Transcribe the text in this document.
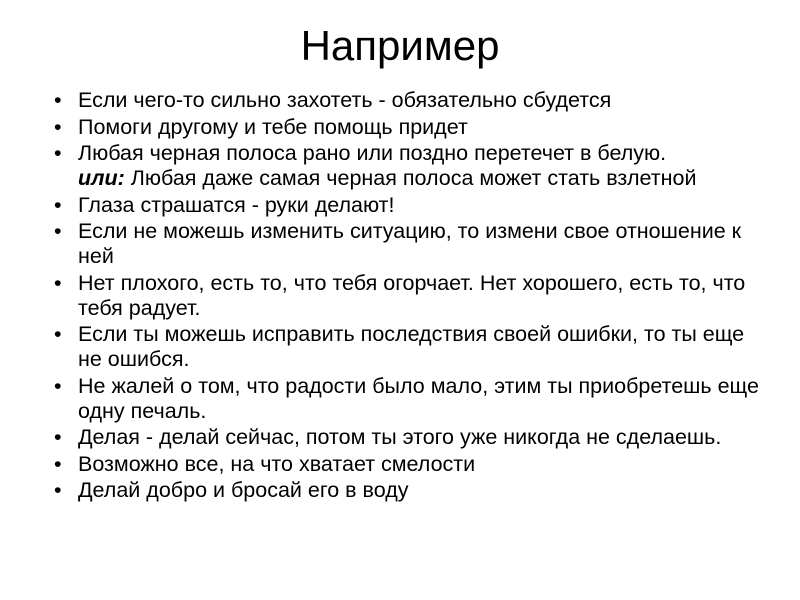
Например
• Если чего-то сильно захотеть - обязательно сбудется
• Помоги другому и тебе помощь придет
• Любая черная полоса рано или поздно перетечет в белую.
или: Любая даже самая черная полоса может стать взлетной
• Глаза страшатся - руки делают!
• Если не можешь изменить ситуацию, то измени свое отношение к ней
• Нет плохого, есть то, что тебя огорчает. Нет хорошего, есть то, что тебя радует.
• Если ты можешь исправить последствия своей ошибки, то ты еще не ошибся.
• Не жалей о том, что радости было мало, этим ты приобретешь еще одну печаль.
• Делая - делай сейчас, потом ты этого уже никогда не сделаешь.
• Возможно все, на что хватает смелости
• Делай добро и бросай его в воду
